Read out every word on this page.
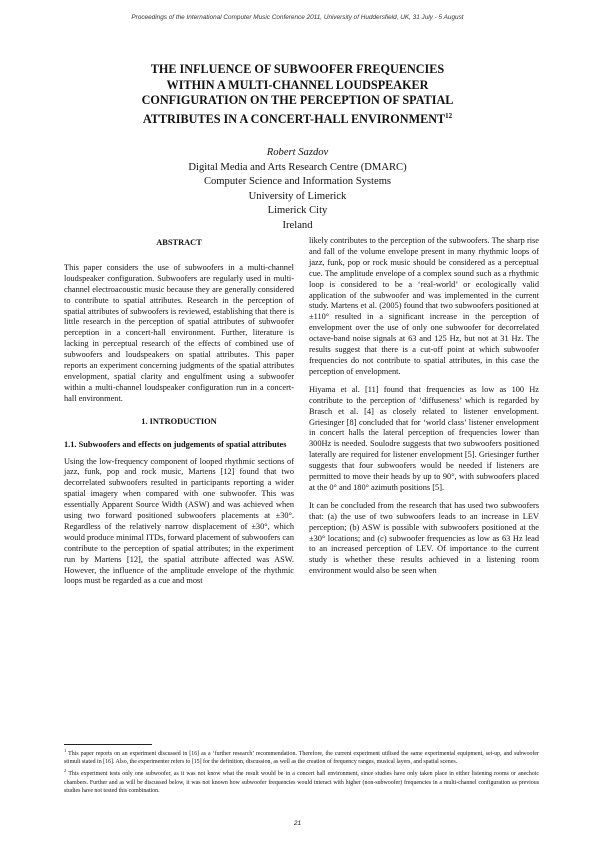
Proceedings of the International Computer Music Conference 2011, University of Huddersfield, UK, 31 July - 5 August
THE INFLUENCE OF SUBWOOFER FREQUENCIES
WITHIN A MULTI-CHANNEL LOUDSPEAKER
CONFIGURATION ON THE PERCEPTION OF SPATIAL
ATTRIBUTES IN A CONCERT-HALL ENVIRONMENT$^{12}$
Robert Sazdov
Digital Media and Arts Research Centre (DMARC)
Computer Science and Information Systems
University of Limerick
Limerick City
Ireland
ABSTRACT

This paper considers the use of subwoofers in a multi-channel loudspeaker configuration. Subwoofers are regularly used in multi-channel electroacoustic music because they are generally considered to contribute to spatial attributes. Research in the perception of spatial attributes of subwoofers is reviewed, establishing that there is little research in the perception of spatial attributes of subwoofer perception in a concert-hall environment. Further, literature is lacking in perceptual research of the effects of combined use of subwoofers and loudspeakers on spatial attributes. This paper reports an experiment concerning judgments of the spatial attributes envelopment, spatial clarity and engulfment using a subwoofer within a multi-channel loudspeaker configuration run in a concert-hall environment.

1. INTRODUCTION
1.1. Subwoofers and effects on judgements of spatial attributes

Using the low-frequency component of looped rhythmic sections of jazz, funk, pop and rock music, Martens [12] found that two decorrelated subwoofers resulted in participants reporting a wider spatial imagery when compared with one subwoofer. This was essentially Apparent Source Width (ASW) and was achieved when using two forward positioned subwoofers placements at ±30°. Regardless of the relatively narrow displacement of ±30°, which would produce minimal ITDs, forward placement of subwoofers can contribute to the perception of spatial attributes; in the experiment run by Martens [12], the spatial attribute affected was ASW. However, the influence of the amplitude envelope of the rhythmic loops must be regarded as a cue and most

likely contributes to the perception of the subwoofers. The sharp rise and fall of the volume envelope present in many rhythmic loops of jazz, funk, pop or rock music should be considered as a perceptual cue. The amplitude envelope of a complex sound such as a rhythmic loop is considered to be a ‘real-world’ or ecologically valid application of the subwoofer and was implemented in the current study. Martens et al. (2005) found that two subwoofers positioned at ±110° resulted in a significant increase in the perception of envelopment over the use of only one subwoofer for decorrelated octave-band noise signals at 63 and 125 Hz, but not at 31 Hz. The results suggest that there is a cut-off point at which subwoofer frequencies do not contribute to spatial attributes, in this case the perception of envelopment.

Hiyama et al. [11] found that frequencies as low as 100 Hz contribute to the perception of ‘diffuseness’ which is regarded by Brasch et al. [4] as closely related to listener envelopment. Griesinger [8] concluded that for ‘world class’ listener envelopment in concert halls the lateral perception of frequencies lower than 300Hz is needed. Soulodre suggests that two subwoofers positioned laterally are required for listener envelopment [5]. Griesinger further suggests that four subwoofers would be needed if listeners are permitted to move their heads by up to 90°, with subwoofers placed at the 0° and 180° azimuth positions [5].

It can be concluded from the research that has used two subwoofers that: (a) the use of two subwoofers leads to an increase in LEV perception; (b) ASW is possible with subwoofers positioned at the ±30° locations; and (c) subwoofer frequencies as low as 63 Hz lead to an increased perception of LEV. Of importance to the current study is whether these results achieved in a listening room environment would also be seen when

$^1$ This paper reports on an experiment discussed in [16] as a ‘further research’ recommendation. Therefore, the current experiment utilised the same experimental equipment, set-up, and subwoofer stimuli stated in [16]. Also, the experimenter refers to [15] for the definition, discussion, as well as the creation of frequency ranges, musical layers, and spatial scenes.

$^2$ This experiment tests only one subwoofer, as it was not know what the result would be in a concert hall environment, since studies have only taken place in either listening rooms or anechoic chambers. Further and as will be discussed below, it was not known how subwoofer frequencies would interact with higher (non-subwoofer) frequencies in a multi-channel configuration as previous studies have not tested this combination.

21
